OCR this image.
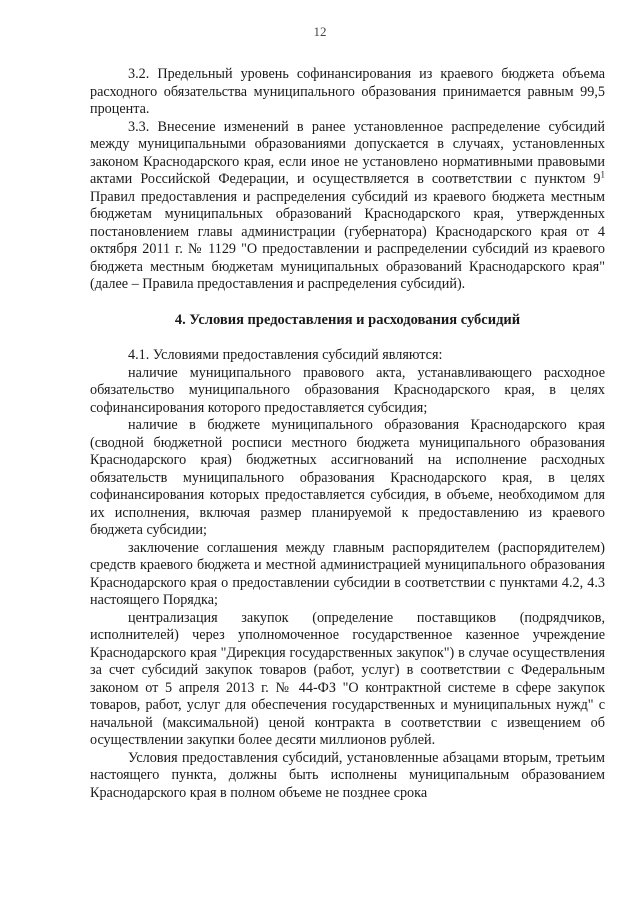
12

3.2. Предельный уровень софинансирования из краевого бюджета объема расходного обязательства муниципального образования принимается равным 99,5 процента.

3.3. Внесение изменений в ранее установленное распределение субсидий между муниципальными образованиями допускается в случаях, установленных законом Краснодарского края, если иное не установлено нормативными правовыми актами Российской Федерации, и осуществляется в соответствии с пунктом $9^1$ Правил предоставления и распределения субсидий из краевого бюджета местным бюджетам муниципальных образований Краснодарского края, утвержденных постановлением главы администрации (губернатора) Краснодарского края от 4 октября 2011 г. № 1129 "О предоставлении и распределении субсидий из краевого бюджета местным бюджетам муниципальных образований Краснодарского края" (далее – Правила предоставления и распределения субсидий).

4. Условия предоставления и расходования субсидий

4.1. Условиями предоставления субсидий являются:

наличие муниципального правового акта, устанавливающего расходное обязательство муниципального образования Краснодарского края, в целях софинансирования которого предоставляется субсидия;

наличие в бюджете муниципального образования Краснодарского края (сводной бюджетной росписи местного бюджета муниципального образования Краснодарского края) бюджетных ассигнований на исполнение расходных обязательств муниципального образования Краснодарского края, в целях софинансирования которых предоставляется субсидия, в объеме, необходимом для их исполнения, включая размер планируемой к предоставлению из краевого бюджета субсидии;

заключение соглашения между главным распорядителем (распорядителем) средств краевого бюджета и местной администрацией муниципального образования Краснодарского края о предоставлении субсидии в соответствии с пунктами 4.2, 4.3 настоящего Порядка;

централизация закупок (определение поставщиков (подрядчиков, исполнителей) через уполномоченное государственное казенное учреждение Краснодарского края "Дирекция государственных закупок") в случае осуществления за счет субсидий закупок товаров (работ, услуг) в соответствии с Федеральным законом от 5 апреля 2013 г. № 44-ФЗ "О контрактной системе в сфере закупок товаров, работ, услуг для обеспечения государственных и муниципальных нужд" с начальной (максимальной) ценой контракта в соответствии с извещением об осуществлении закупки более десяти миллионов рублей.

Условия предоставления субсидий, установленные абзацами вторым, третьим настоящего пункта, должны быть исполнены муниципальным образованием Краснодарского края в полном объеме не позднее срока
